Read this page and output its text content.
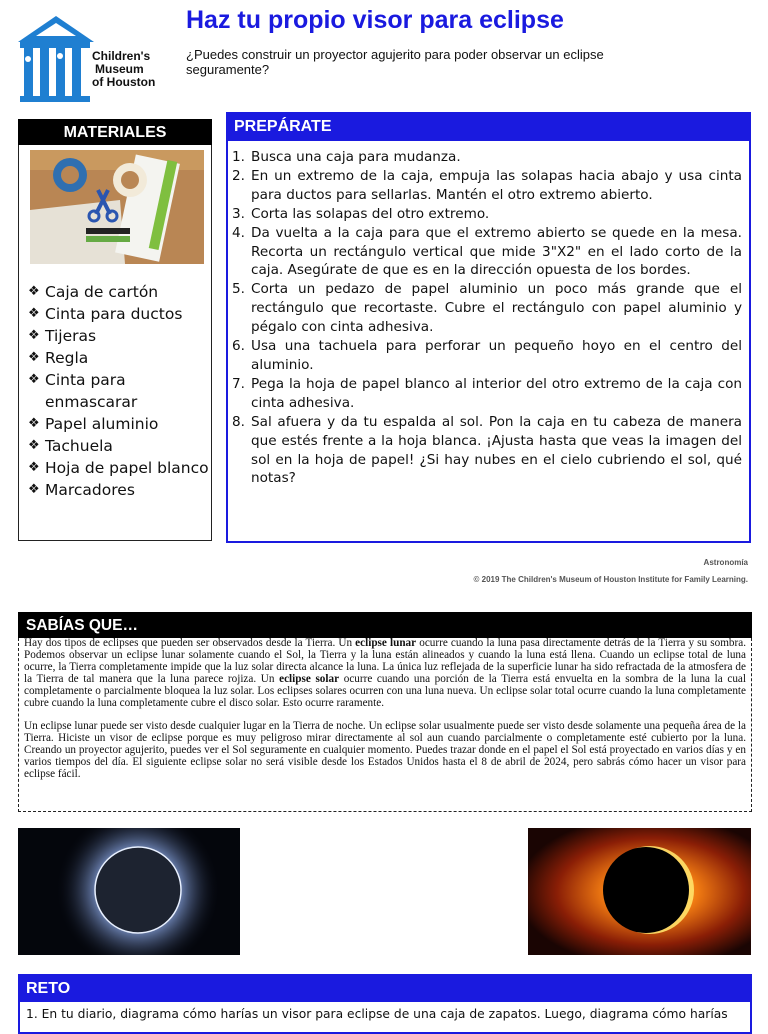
Children's
Museum
of Houston
Haz tu propio visor para eclipse
¿Puedes construir un proyector agujerito para poder observar un eclipse seguramente?
MATERIALES
❖ Caja de cartón
❖ Cinta para ductos
❖ Tijeras
❖ Regla
❖ Cinta para enmascarar
❖ Papel aluminio
❖ Tachuela
❖ Hoja de papel blanco
❖ Marcadores
PREPÁRATE
1. Busca una caja para mudanza.
2. En un extremo de la caja, empuja las solapas hacia abajo y usa cinta para ductos para sellarlas. Mantén el otro extremo abierto.
3. Corta las solapas del otro extremo.
4. Da vuelta a la caja para que el extremo abierto se quede en la mesa. Recorta un rectángulo vertical que mide 3"X2" en el lado corto de la caja. Asegúrate de que es en la dirección opuesta de los bordes.
5. Corta un pedazo de papel aluminio un poco más grande que el rectángulo que recortaste. Cubre el rectángulo con papel aluminio y pégalo con cinta adhesiva.
6. Usa una tachuela para perforar un pequeño hoyo en el centro del aluminio.
7. Pega la hoja de papel blanco al interior del otro extremo de la caja con cinta adhesiva.
8. Sal afuera y da tu espalda al sol. Pon la caja en tu cabeza de manera que estés frente a la hoja blanca. ¡Ajusta hasta que veas la imagen del sol en la hoja de papel! ¿Si hay nubes en el cielo cubriendo el sol, qué notas?
Astronomía
© 2019 The Children's Museum of Houston Institute for Family Learning.
SABÍAS QUE…

Hay dos tipos de eclipses que pueden ser observados desde la Tierra. Un eclipse lunar ocurre cuando la luna pasa directamente detrás de la Tierra y su sombra. Podemos observar un eclipse lunar solamente cuando el Sol, la Tierra y la luna están alineados y cuando la luna está llena. Cuando un eclipse total de luna ocurre, la Tierra completamente impide que la luz solar directa alcance la luna. La única luz reflejada de la superficie lunar ha sido refractada de la atmosfera de la Tierra de tal manera que la luna parece rojiza. Un eclipse solar ocurre cuando una porción de la Tierra está envuelta en la sombra de la luna la cual completamente o parcialmente bloquea la luz solar. Los eclipses solares ocurren con una luna nueva. Un eclipse solar total ocurre cuando la luna completamente cubre cuando la luna completamente cubre el disco solar. Esto ocurre raramente.

Un eclipse lunar puede ser visto desde cualquier lugar en la Tierra de noche. Un eclipse solar usualmente puede ser visto desde solamente una pequeña área de la Tierra. Hiciste un visor de eclipse porque es muy peligroso mirar directamente al sol aun cuando parcialmente o completamente esté cubierto por la luna. Creando un proyector agujerito, puedes ver el Sol seguramente en cualquier momento. Puedes trazar donde en el papel el Sol está proyectado en varios días y en varios tiempos del día. El siguiente eclipse solar no será visible desde los Estados Unidos hasta el 8 de abril de 2024, pero sabrás cómo hacer un visor para eclipse fácil.

RETO
1. En tu diario, diagrama cómo harías un visor para eclipse de una caja de zapatos. Luego, diagrama cómo harías
